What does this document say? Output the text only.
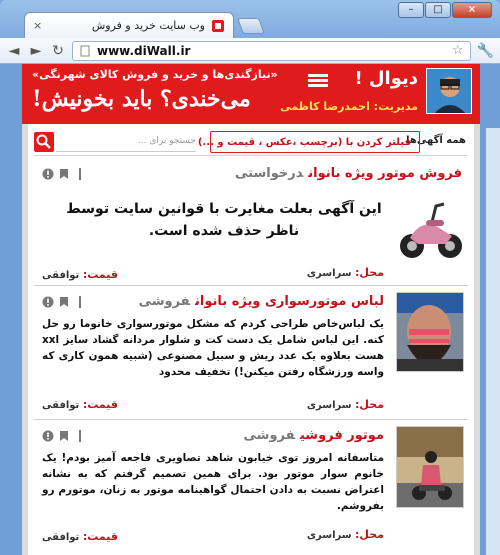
×	وب سایت خرید و فروش
–	□	×
◄ ► ↻	www.diWall.ir	☆ 🔧
دیوال !
مدیریت: احمدرضا کاظمی
«نیازگندی‌ها و خرید و فروش کالای شهرنگی»
می‌خندی؟ باید بخونیش!
همه آگهی‌ها
فیلتر کردن با (برچسب ،عکس ، قیمت و ...)
جستجو برای ...
فروش موتور ویژه بانواندرخواستی
این آگهی بعلت مغایرت با قوانین سایت توسط ناظر حذف شده است.
محل: سراسری
قیمت: توافقی
لباس موتورسواری ویژه بانوانفروشی
یک لباس‌خاص طراحی کردم که مشکل موتورسواری خانوما رو حل کنه. این لباس شامل یک دست کت و شلوار مردانه گشاد سایز xxl هست بعلاوه یک عدد ریش و سبیل مصنوعی (شبیه همون کاری که واسه ورزشگاه رفتن میکنن!) تخفیف محدود
محل: سراسری
قیمت: توافقی
موتور فروشیفروشی
متاسفانه امروز توی خیابون شاهد تصاویری فاجعه آمیز بودم! یک خانوم سوار موتور بود. برای همین تصمیم گرفتم که به نشانه اعتراض نسبت به دادن احتمال گواهینامه موتور به زنان، موتورم رو بفروشم.
محل: سراسری
قیمت: توافقی
